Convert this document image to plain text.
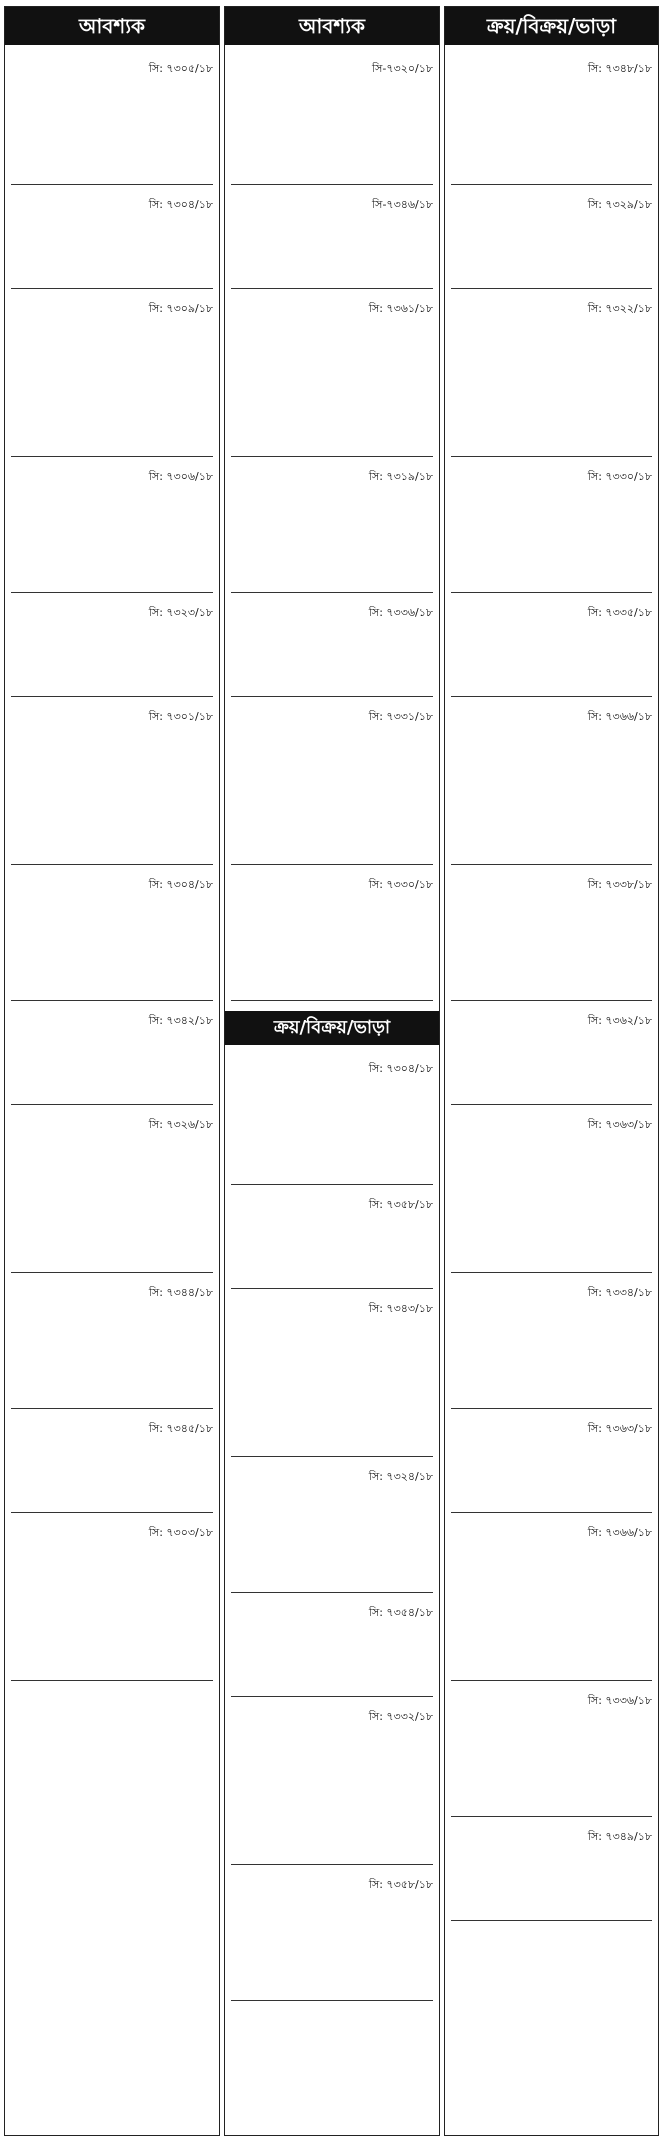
আবশ্যক
সি: ৭৩০৫/১৮
সি: ৭৩০৪/১৮
সি: ৭৩০৯/১৮
সি: ৭৩০৬/১৮
সি: ৭৩২৩/১৮
সি: ৭৩০১/১৮
সি: ৭৩০৪/১৮
সি: ৭৩৪২/১৮
সি: ৭৩২৬/১৮
সি: ৭৩৪৪/১৮
সি: ৭৩৪৫/১৮
সি: ৭৩০৩/১৮
আবশ্যক
সি-৭৩২০/১৮
সি-৭৩৪৬/১৮
সি: ৭৩৬১/১৮
সি: ৭৩১৯/১৮
সি: ৭৩৩৬/১৮
সি: ৭৩৩১/১৮
সি: ৭৩৩০/১৮
ক্রয়/বিক্রয়/ভাড়া
সি: ৭৩০৪/১৮
সি: ৭৩৫৮/১৮
সি: ৭৩৪৩/১৮
সি: ৭৩২৪/১৮
সি: ৭৩৫৪/১৮
সি: ৭৩৩২/১৮
সি: ৭৩৫৮/১৮
ক্রয়/বিক্রয়/ভাড়া
সি: ৭৩৪৮/১৮
সি: ৭৩২৯/১৮
সি: ৭৩২২/১৮
সি: ৭৩৩০/১৮
সি: ৭৩৩৫/১৮
সি: ৭৩৬৬/১৮
সি: ৭৩৩৮/১৮
সি: ৭৩৬২/১৮
সি: ৭৩৬৩/১৮
সি: ৭৩৩৪/১৮
সি: ৭৩৬৩/১৮
সি: ৭৩৬৬/১৮
সি: ৭৩৩৬/১৮
সি: ৭৩৪৯/১৮
